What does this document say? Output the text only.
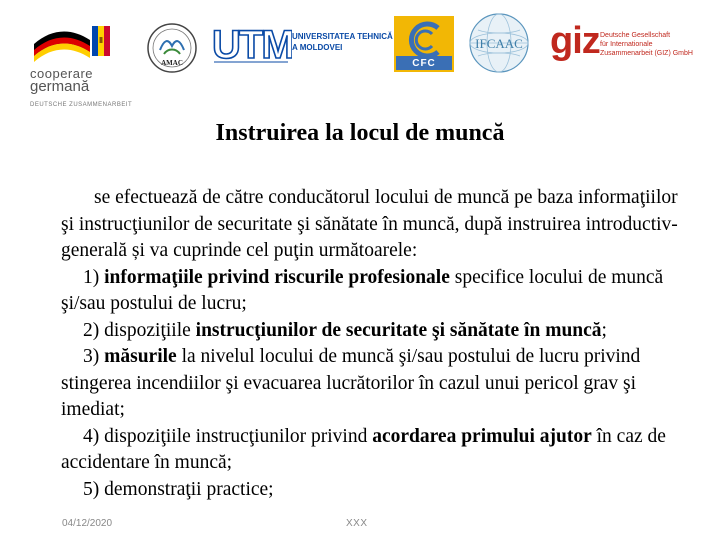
cooperare
germană
DEUTSCHE ZUSAMMENARBEIT
AMAC UTM UNIVERSITATEA TEHNICĂ
A MOLDOVEI
CFC
IFCAAC giz Deutsche Gesellschaft
für Internationale
Zusammenarbeit (GIZ) GmbH
Instruirea la locul de muncă

se efectuează de către conducătorul locului de muncă pe baza informaţiilor şi instrucţiunilor de securitate şi sănătate în muncă, după instruirea introductiv-generală și va cuprinde cel puţin următoarele:

1) informaţiile privind riscurile profesionale specifice locului de muncă şi/sau postului de lucru;

2) dispoziţiile instrucţiunilor de securitate şi sănătate în muncă;

3) măsurile la nivelul locului de muncă şi/sau postului de lucru privind stingerea incendiilor şi evacuarea lucrătorilor în cazul unui pericol grav şi imediat;

4) dispoziţiile instrucţiunilor privind acordarea primului ajutor în caz de accidentare în muncă;

5) demonstraţii practice;

04/12/2020	XXX
